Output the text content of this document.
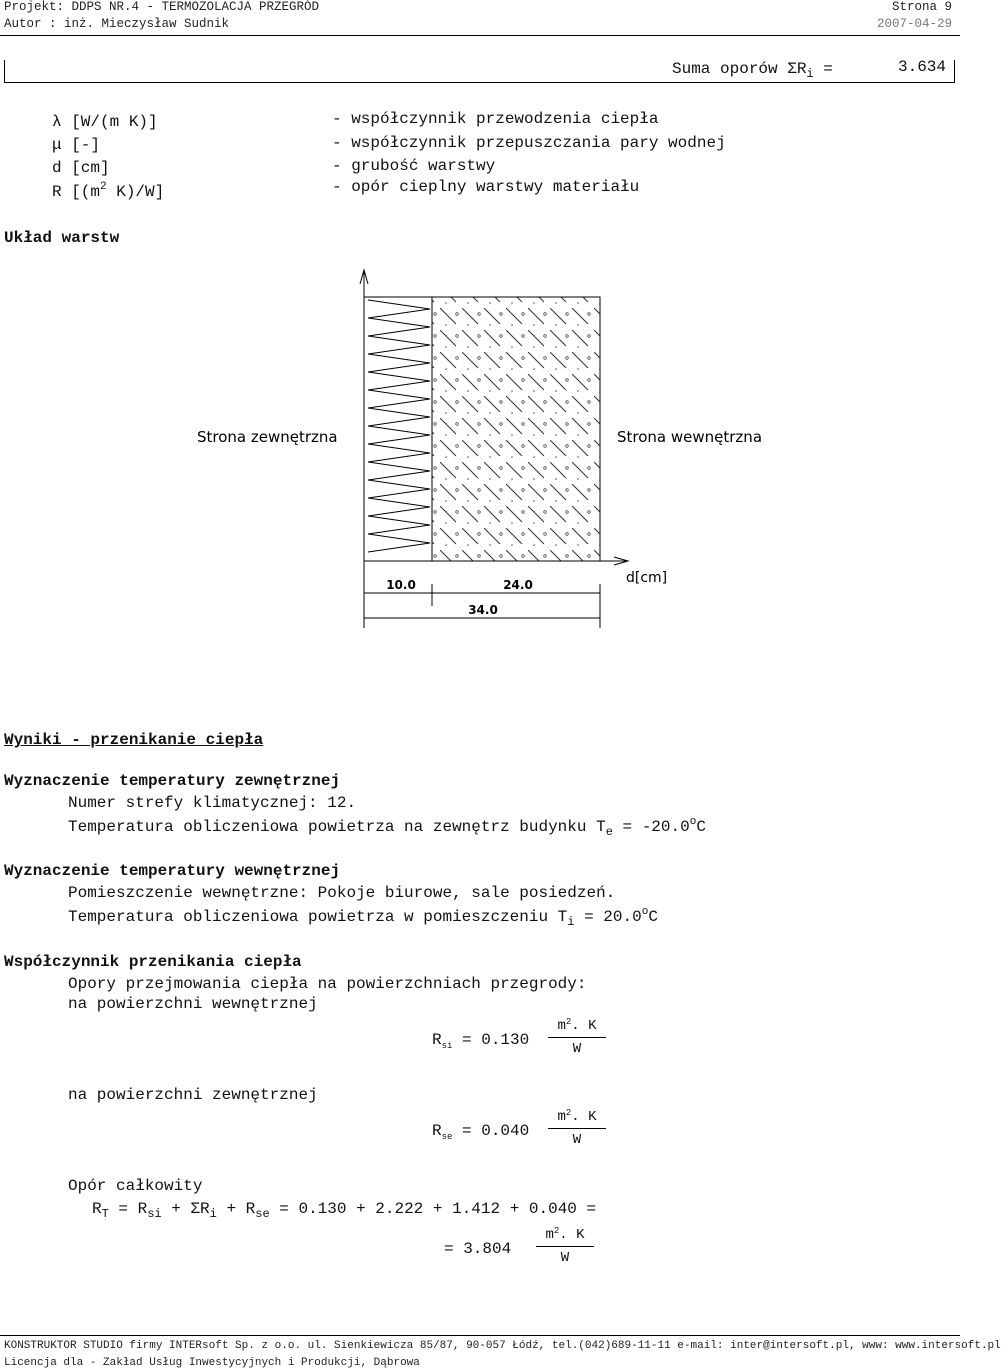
Projekt: DDPS NR.4 - TERMOZOLACJA PRZEGRÓD	Strona 9
Autor : inż. Mieczysław Sudnik	2007-04-29
Suma oporów $\Sigma R_i$ =	3.634
λ [W/(m K)]	- współczynnik przewodzenia ciepła
μ [-]	- współczynnik przepuszczania pary wodnej
d [cm]	- grubość warstwy
R [($m^2$ K)/W]	- opór cieplny warstwy materiału
Układ warstw
Strona zewnętrzna	Strona wewnętrzna
d[cm]
10.0	24.0
34.0
Wyniki - przenikanie ciepła
Wyznaczenie temperatury zewnętrznej
Numer strefy klimatycznej: 12.
Temperatura obliczeniowa powietrza na zewnętrz budynku $T_e = -20.0^oC$
Wyznaczenie temperatury wewnętrznej
Pomieszczenie wewnętrzne: Pokoje biurowe, sale posiedzeń.
Temperatura obliczeniowa powietrza w pomieszczeniu $T_i = 20.0^oC$
Współczynnik przenikania ciepła
Opory przejmowania ciepła na powierzchniach przegrody:
na powierzchni wewnętrznej
$R_{si} = 0.130$
$m^2$. K
W
na powierzchni zewnętrznej
$R_{se} = 0.040$
$m^2$. K
W
Opór całkowity
$R_T = R_{si} + \Sigma R_i + R_{se} = 0.130 + 2.222 + 1.412 + 0.040$ =
= 3.804
$m^2$. K
W
KONSTRUKTOR STUDIO firmy INTERsoft Sp. z o.o. ul. Sienkiewicza 85/87, 90-057 Łódź, tel.(042)689-11-11 e-mail: inter@intersoft.pl, www: www.intersoft.pl
Licencja dla - Zakład Usług Inwestycyjnych i Produkcji, Dąbrowa
